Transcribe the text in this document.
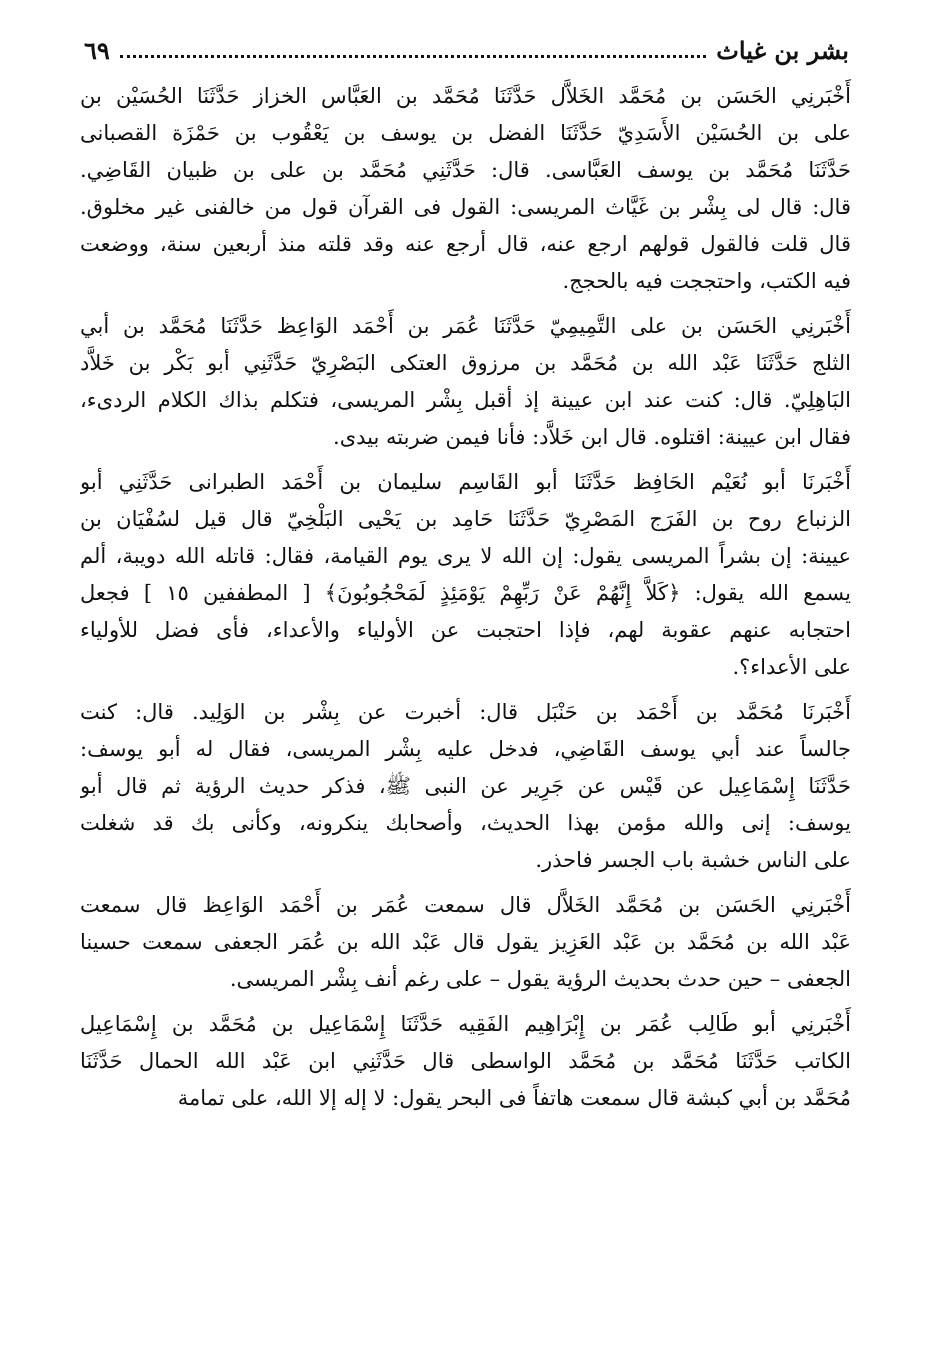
بشر بن غياث
٦٩
أَخْبَرنِي الحَسَن بن مُحَمَّد الخَلاَّل حَدَّثَنَا مُحَمَّد بن العَبَّاس الخزاز حَدَّثَنَا الحُسَيْن بن
على بن الحُسَيْن الأَسَدِيّ حَدَّثَنَا الفضل بن يوسف بن يَعْقُوب بن حَمْزَة القصبانى
حَدَّثَنَا مُحَمَّد بن يوسف العَبَّاسى. قال: حَدَّثَنِي مُحَمَّد بن على بن ظبيان القَاضِي.
قال: قال لى بِشْر بن غَيَّاث المريسى: القول فى القرآن قول من خالفنى غير مخلوق.
قال قلت فالقول قولهم ارجع عنه، قال أرجع عنه وقد قلته منذ أربعين سنة، ووضعت
فيه الكتب، واحتججت فيه بالحجج.
أَخْبَرنِي الحَسَن بن على التَّمِيمِيّ حَدَّثَنَا عُمَر بن أَحْمَد الوَاعِظ حَدَّثَنَا مُحَمَّد بن أبي
الثلج حَدَّثَنَا عَبْد الله بن مُحَمَّد بن مرزوق العتكى البَصْرِيّ حَدَّثَنِي أبو بَكْر بن خَلاَّد
البَاهِلِيّ. قال: كنت عند ابن عيينة إذ أقبل بِشْر المريسى، فتكلم بذاك الكلام الردىء،
فقال ابن عيينة: اقتلوه. قال ابن خَلاَّد: فأنا فيمن ضربته بيدى.
أَخْبَرنَا أبو نُعَيْم الحَافِظ حَدَّثَنَا أبو القَاسِم سليمان بن أَحْمَد الطبرانى حَدَّثَنِي أبو
الزنباع روح بن الفَرَج المَصْرِيّ حَدَّثَنَا حَامِد بن يَحْيى البَلْخِيّ قال قيل لسُفْيَان بن
عيينة: إن بشراً المريسى يقول: إن الله لا يرى يوم القيامة، فقال: قاتله الله دويبة، ألم
يسمع الله يقول: ﴿كَلاَّ إِنَّهُمْ عَنْ رَبِّهِمْ يَوْمَئِذٍ لَمَحْجُوبُونَ﴾ [ المطففين ١٥ ] فجعل
احتجابه عنهم عقوبة لهم، فإذا احتجبت عن الأولياء والأعداء، فأى فضل للأولياء
على الأعداء؟.
أَخْبَرنَا مُحَمَّد بن أَحْمَد بن حَنْبَل قال: أخبرت عن بِشْر بن الوَلِيد. قال: كنت
جالساً عند أبي يوسف القَاضِي، فدخل عليه بِشْر المريسى، فقال له أبو يوسف:
حَدَّثَنَا إِسْمَاعِيل عن قَيْس عن جَرِير عن النبى ﷺ، فذكر حديث الرؤية ثم قال أبو
يوسف: إنى والله مؤمن بهذا الحديث، وأصحابك ينكرونه، وكأنى بك قد شغلت
على الناس خشبة باب الجسر فاحذر.
أَخْبَرنِي الحَسَن بن مُحَمَّد الخَلاَّل قال سمعت عُمَر بن أَحْمَد الوَاعِظ قال سمعت
عَبْد الله بن مُحَمَّد بن عَبْد العَزِيز يقول قال عَبْد الله بن عُمَر الجعفى سمعت حسينا
الجعفى – حين حدث بحديث الرؤية يقول – على رغم أنف بِشْر المريسى.
أَخْبَرنِي أبو طَالِب عُمَر بن إِبْرَاهِيم الفَقِيه حَدَّثَنَا إِسْمَاعِيل بن مُحَمَّد بن إِسْمَاعِيل
الكاتب حَدَّثَنَا مُحَمَّد بن مُحَمَّد الواسطى قال حَدَّثَنِي ابن عَبْد الله الحمال حَدَّثَنَا
مُحَمَّد بن أبي كبشة قال سمعت هاتفاً فى البحر يقول: لا إله إلا الله، على تمامة
